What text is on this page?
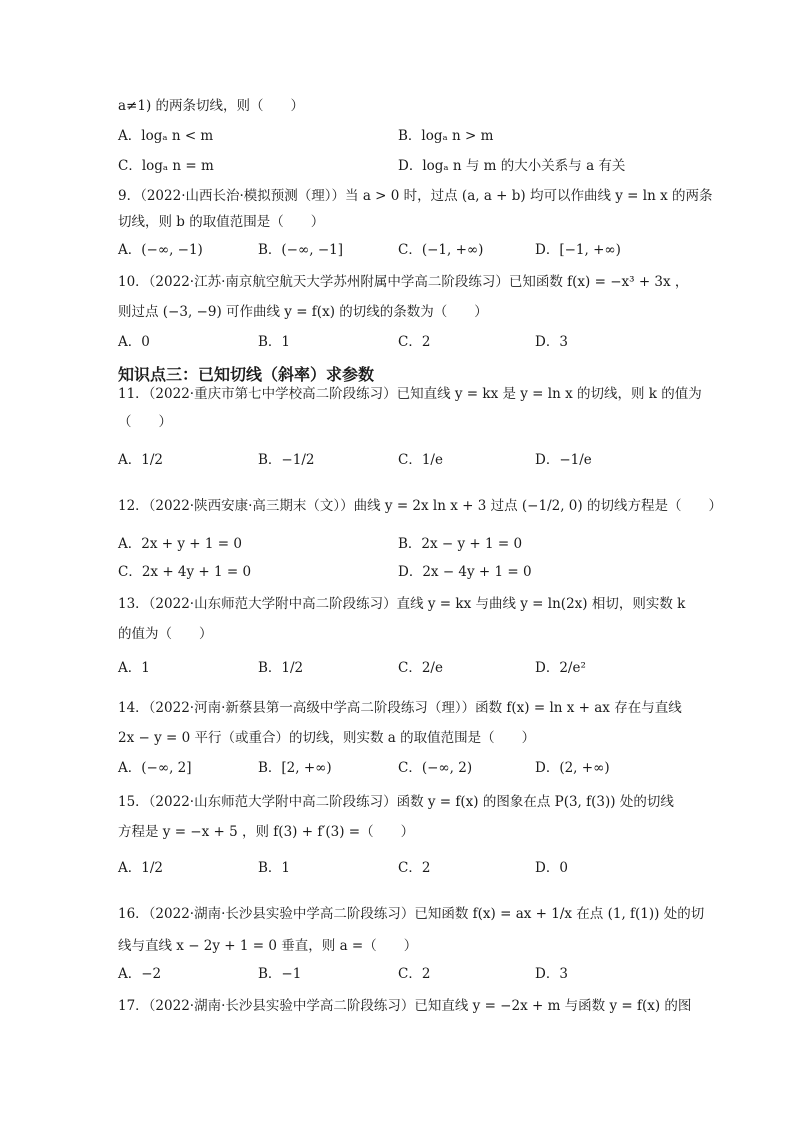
a≠1) 的两条切线，则（　　）
A．logₐ n < m	B．logₐ n > m
C．logₐ n = m	D．logₐ n 与 m 的大小关系与 a 有关
9．（2022·山西长治·模拟预测（理））当 a > 0 时，过点 (a, a + b) 均可以作曲线 y = ln x 的两条
切线，则 b 的取值范围是（　　）
A．(−∞, −1)	B．(−∞, −1]	C．(−1, +∞)	D．[−1, +∞)
10．（2022·江苏·南京航空航天大学苏州附属中学高二阶段练习）已知函数 f(x) = −x³ + 3x ，
则过点 (−3, −9) 可作曲线 y = f(x) 的切线的条数为（　　）
A．0	B．1	C．2	D．3
知识点三：已知切线（斜率）求参数
11．（2022·重庆市第七中学校高二阶段练习）已知直线 y = kx 是 y = ln x 的切线，则 k 的值为
（　　）
A．1/2	B．−1/2	C．1/e	D．−1/e
12．（2022·陕西安康·高三期末（文））曲线 y = 2x ln x + 3 过点 (−1/2, 0) 的切线方程是（　　）
A．2x + y + 1 = 0	B．2x − y + 1 = 0
C．2x + 4y + 1 = 0	D．2x − 4y + 1 = 0
13．（2022·山东师范大学附中高二阶段练习）直线 y = kx 与曲线 y = ln(2x) 相切，则实数 k
的值为（　　）
A．1	B．1/2	C．2/e	D．2/e²
14．（2022·河南·新蔡县第一高级中学高二阶段练习（理））函数 f(x) = ln x + ax 存在与直线
2x − y = 0 平行（或重合）的切线，则实数 a 的取值范围是（　　）
A．(−∞, 2]	B．[2, +∞)	C．(−∞, 2)	D．(2, +∞)
15．（2022·山东师范大学附中高二阶段练习）函数 y = f(x) 的图象在点 P(3, f(3)) 处的切线
方程是 y = −x + 5 ，则 f(3) + f′(3) =（　　）
A．1/2	B．1	C．2	D．0
16．（2022·湖南·长沙县实验中学高二阶段练习）已知函数 f(x) = ax + 1/x 在点 (1, f(1)) 处的切
线与直线 x − 2y + 1 = 0 垂直，则 a =（　　）
A．−2	B．−1	C．2	D．3
17．（2022·湖南·长沙县实验中学高二阶段练习）已知直线 y = −2x + m 与函数 y = f(x) 的图
